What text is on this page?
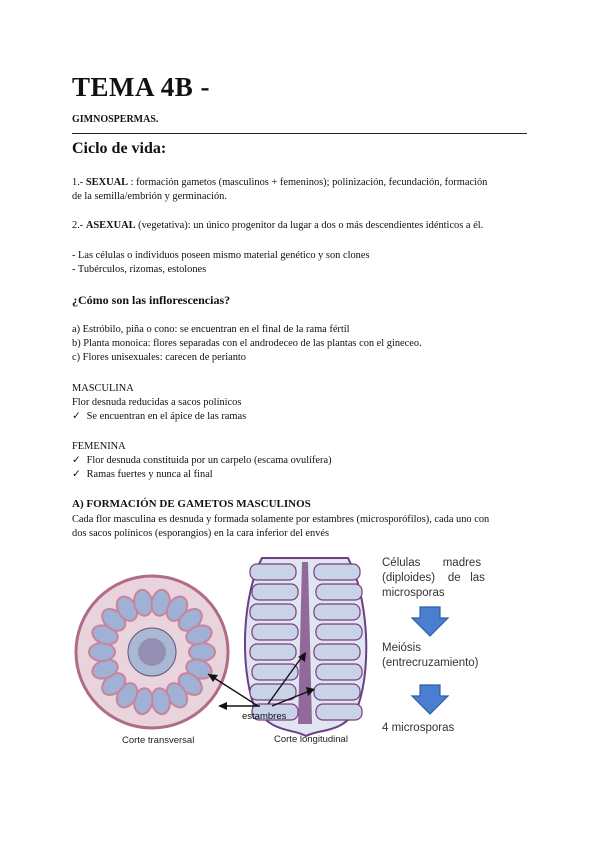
TEMA 4B -
GIMNOSPERMAS.
Ciclo de vida:
1.- SEXUAL : formación gametos (masculinos + femeninos); polinización, fecundación, formación
de la semilla/embrión y germinación.
2.- ASEXUAL (vegetativa): un único progenitor da lugar a dos o más descendientes idénticos a él.
- Las células o individuos poseen mismo material genético y son clones
- Tubérculos, rizomas, estolones
¿Cómo son las inflorescencias?
a) Estróbilo, piña o cono: se encuentran en el final de la rama fértil
b) Planta monoica: flores separadas con el androdeceo de las plantas con el gineceo.
c) Flores unisexuales: carecen de perianto
MASCULINA
Flor desnuda reducidas a sacos polínicos
✓ Se encuentran en el ápice de las ramas
FEMENINA
✓ Flor desnuda constituida por un carpelo (escama ovulífera)
✓ Ramas fuertes y nunca al final
A) FORMACIÓN DE GAMETOS MASCULINOS
Cada flor masculina es desnuda y formada solamente por estambres (microsporófilos), cada uno con
dos sacos polínicos (esporangios) en la cara inferior del envés
Corte transversal	Corte longitudinal
estambres
Células       madres
(diploides)    de   las
microsporas
Meiósis
(entrecruzamiento)
4 microsporas
